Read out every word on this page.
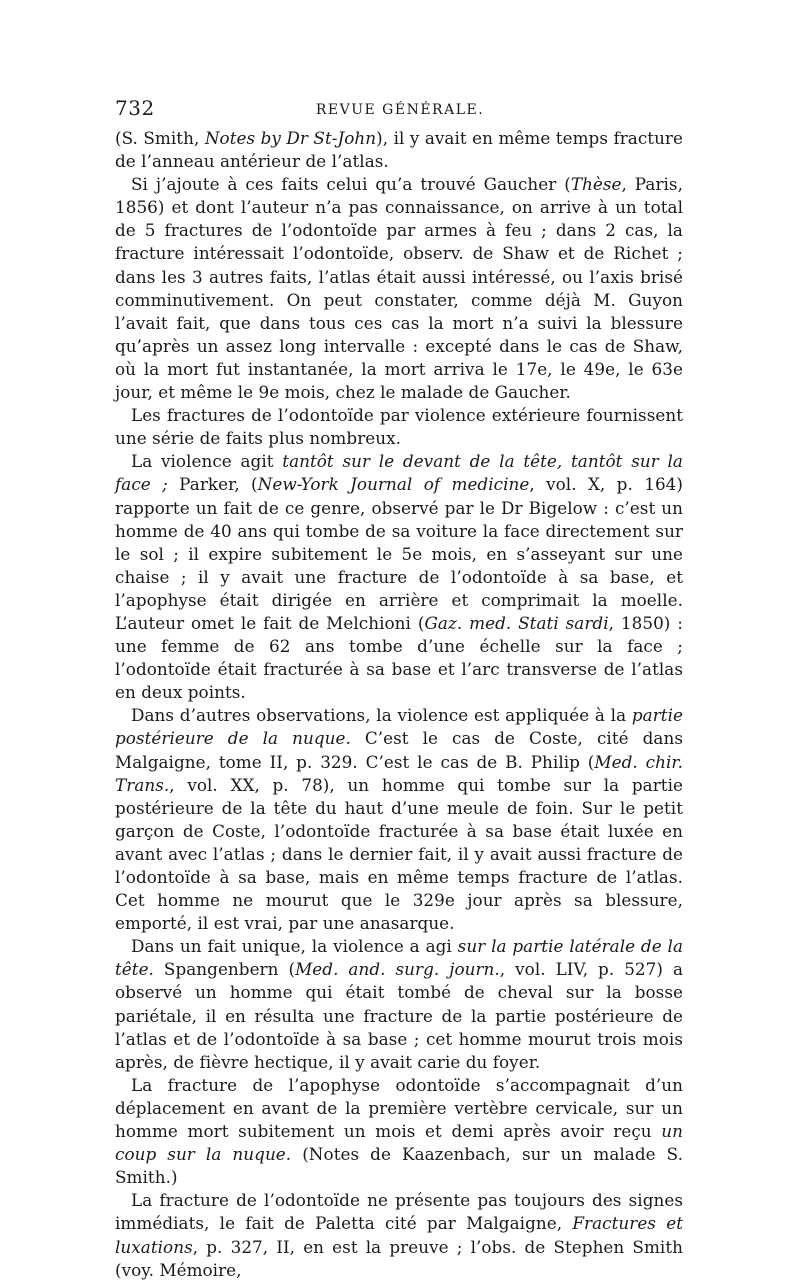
732	REVUE GÉNÉRALE.

(S. Smith, Notes by Dr St-John), il y avait en même temps fracture de l’anneau antérieur de l’atlas.

Si j’ajoute à ces faits celui qu’a trouvé Gaucher (Thèse, Paris, 1856) et dont l’auteur n’a pas connaissance, on arrive à un total de 5 fractures de l’odontoïde par armes à feu ; dans 2 cas, la fracture intéressait l’odontoïde, observ. de Shaw et de Richet ; dans les 3 autres faits, l’atlas était aussi intéressé, ou l’axis brisé comminutivement. On peut constater, comme déjà M. Guyon l’avait fait, que dans tous ces cas la mort n’a suivi la blessure qu’après un assez long intervalle : excepté dans le cas de Shaw, où la mort fut instantanée, la mort arriva le 17e, le 49e, le 63e jour, et même le 9e mois, chez le malade de Gaucher.

Les fractures de l’odontoïde par violence extérieure fournissent une série de faits plus nombreux.

La violence agit tantôt sur le devant de la tête, tantôt sur la face ; Parker, (New-York Journal of medicine, vol. X, p. 164) rapporte un fait de ce genre, observé par le Dr Bigelow : c’est un homme de 40 ans qui tombe de sa voiture la face directement sur le sol ; il expire subitement le 5e mois, en s’asseyant sur une chaise ; il y avait une fracture de l’odontoïde à sa base, et l’apophyse était dirigée en arrière et comprimait la moelle. L’auteur omet le fait de Melchioni (Gaz. med. Stati sardi, 1850) : une femme de 62 ans tombe d’une échelle sur la face ; l’odontoïde était fracturée à sa base et l’arc transverse de l’atlas en deux points.

Dans d’autres observations, la violence est appliquée à la partie postérieure de la nuque. C’est le cas de Coste, cité dans Malgaigne, tome II, p. 329. C’est le cas de B. Philip (Med. chir. Trans., vol. XX, p. 78), un homme qui tombe sur la partie postérieure de la tête du haut d’une meule de foin. Sur le petit garçon de Coste, l’odontoïde fracturée à sa base était luxée en avant avec l’atlas ; dans le dernier fait, il y avait aussi fracture de l’odontoïde à sa base, mais en même temps fracture de l’atlas. Cet homme ne mourut que le 329e jour après sa blessure, emporté, il est vrai, par une anasarque.

Dans un fait unique, la violence a agi sur la partie latérale de la tête. Spangenbern (Med. and. surg. journ., vol. LIV, p. 527) a observé un homme qui était tombé de cheval sur la bosse pariétale, il en résulta une fracture de la partie postérieure de l’atlas et de l’odontoïde à sa base ; cet homme mourut trois mois après, de fièvre hectique, il y avait carie du foyer.

La fracture de l’apophyse odontoïde s’accompagnait d’un déplacement en avant de la première vertèbre cervicale, sur un homme mort subitement un mois et demi après avoir reçu un coup sur la nuque. (Notes de Kaazenbach, sur un malade S. Smith.)

La fracture de l’odontoïde ne présente pas toujours des signes immédiats, le fait de Paletta cité par Malgaigne, Fractures et luxations, p. 327, II, en est la preuve ; l’obs. de Stephen Smith (voy. Mémoire,
